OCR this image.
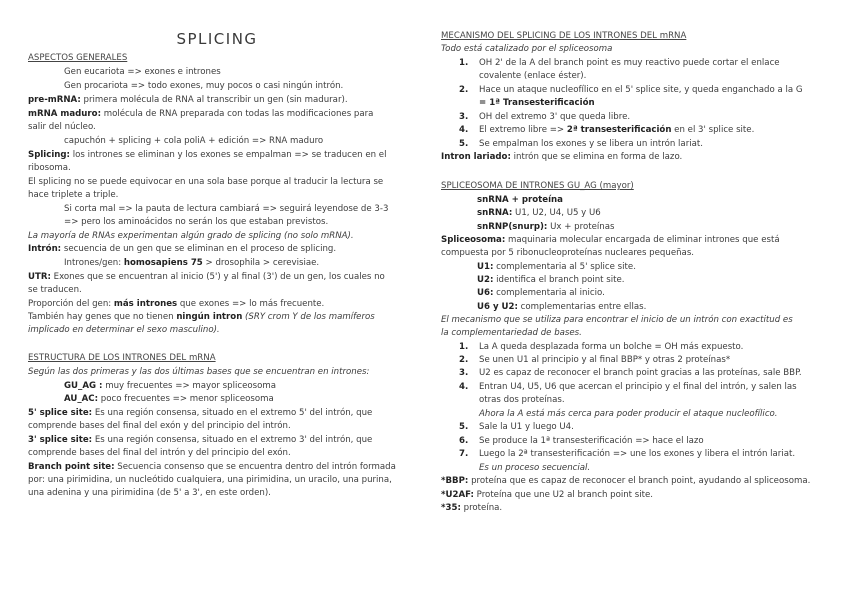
SPLICING
ASPECTOS GENERALES
Gen eucariota => exones e intrones
Gen procariota => todo exones, muy pocos o casi ningún intrón.
pre-mRNA: primera molécula de RNA al transcribir un gen (sin madurar).
mRNA maduro: molécula de RNA preparada con todas las modificaciones para
salir del núcleo.
capuchón + splicing + cola poliA + edición => RNA maduro
Splicing: los intrones se eliminan y los exones se empalman => se traducen en el
ribosoma.
El splicing no se puede equivocar en una sola base porque al traducir la lectura se
hace triplete a triple.
Si corta mal => la pauta de lectura cambiará => seguirá leyendose de 3-3
=> pero los aminoácidos no serán los que estaban previstos.
La mayoría de RNAs experimentan algún grado de splicing (no solo mRNA).
Intrón: secuencia de un gen que se eliminan en el proceso de splicing.
Intrones/gen: homosapiens 75 > drosophila > cerevisiae.
UTR: Exones que se encuentran al inicio (5') y al final (3') de un gen, los cuales no
se traducen.
Proporción del gen: más intrones que exones => lo más frecuente.
También hay genes que no tienen ningún intron (SRY crom Y de los mamíferos
implicado en determinar el sexo masculino).
ESTRUCTURA DE LOS INTRONES DEL mRNA
Según las dos primeras y las dos últimas bases que se encuentran en intrones:
GU_AG : muy frecuentes => mayor spliceosoma
AU_AC: poco frecuentes => menor spliceosoma
5' splice site: Es una región consensa, situado en el extremo 5' del intrón, que
comprende bases del final del exón y del principio del intrón.
3' splice site: Es una región consensa, situado en el extremo 3' del intrón, que
comprende bases del final del intrón y del principio del exón.
Branch point site: Secuencia consenso que se encuentra dentro del intrón formada
por: una pirimidina, un nucleótido cualquiera, una pirimidina, un uracilo, una purina,
una adenina y una pirimidina (de 5' a 3', en este orden).
MECANISMO DEL SPLICING DE LOS INTRONES DEL mRNA
Todo está catalizado por el spliceosoma
1. OH 2' de la A del branch point es muy reactivo puede cortar el enlace
covalente (enlace éster).
2. Hace un ataque nucleofílico en el 5' splice site, y queda enganchado a la G
= 1ª Transesterificación
3. OH del extremo 3' que queda libre.
4. El extremo libre => 2ª transesterificación en el 3' splice site.
5. Se empalman los exones y se libera un intrón lariat.
Intron lariado: intrón que se elimina en forma de lazo.
SPLICEOSOMA DE INTRONES GU_AG (mayor)
snRNA + proteína
snRNA: U1, U2, U4, U5 y U6
snRNP(snurp): Ux + proteínas
Spliceosoma: maquinaria molecular encargada de eliminar intrones que está
compuesta por 5 ribonucleoproteínas nucleares pequeñas.
U1: complementaria al 5' splice site.
U2: identifica el branch point site.
U6: complementaria al inicio.
U6 y U2: complementarias entre ellas.
El mecanismo que se utiliza para encontrar el inicio de un intrón con exactitud es
la complementariedad de bases.
1. La A queda desplazada forma un bolche = OH más expuesto.
2. Se unen U1 al principio y al final BBP* y otras 2 proteínas*
3. U2 es capaz de reconocer el branch point gracias a las proteínas, sale BBP.
4. Entran U4, U5, U6 que acercan el principio y el final del intrón, y salen las
otras dos proteínas.
Ahora la A está más cerca para poder producir el ataque nucleofílico.
5. Sale la U1 y luego U4.
6. Se produce la 1ª transesterificación => hace el lazo
7. Luego la 2ª transesterificación => une los exones y libera el intrón lariat.
Es un proceso secuencial.
*BBP: proteína que es capaz de reconocer el branch point, ayudando al spliceosoma.
*U2AF: Proteína que une U2 al branch point site.
*35: proteína.
